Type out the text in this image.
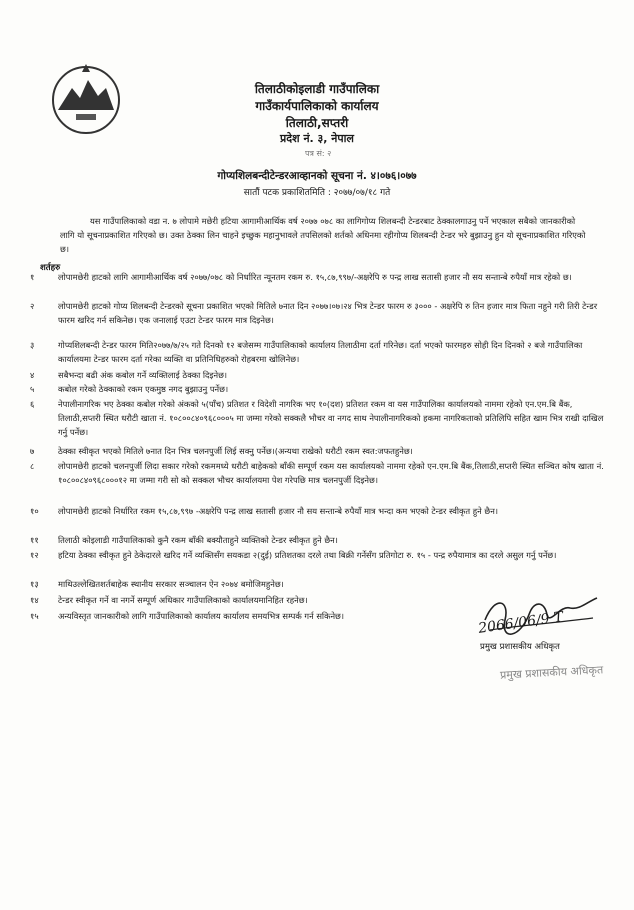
तिलाठीकोइलाडी गाउँपालिका
गाउँकार्यपालिकाको कार्यालय
तिलाठी,सप्तरी
प्रदेश नं. ३, नेपाल
पत्र सं: २
गोप्यशिलबन्दीटेन्डरआव्हानको सूचना नं. ४।०७६।०७७
सातौं पटक प्रकाशितमिति : २०७७/०७/१८ गते
यस गाउँपालिकाको वडा न. ७ लोपामे मछेरी हटिया आगामीआर्थिक वर्ष २०७७ ०७८ का लागिगोप्य शिलबन्दी टेन्डरबाट ठेक्कालगाउनु पर्ने भएकाल सबैको जानकारीको लागि यो सूचनाप्रकाशित गरिएको छ। उक्त ठेक्का लिन चाहने इच्छुक महानुभावले तपसिलको शर्तको अधिनमा रहीगोप्य शिलबन्दी टेन्डर भरे बुझाउनु हुन यो सूचनाप्रकाशित गरिएको छ।
शर्तहरु
१	लोपामछेरी हाटको लागि आगामीआर्थिक वर्ष २०७७/०७८ को निर्धारित न्यूनतम रकम रु. १५,८७,९९७/-अक्षरेपि रु पन्द्र लाख सतासी हजार नौ सय सन्तान्बे रुपैयाँ मात्र रहेको छ।
२	लोपामछेरी हाटको गोप्य शिलबन्दी टेन्डरको सूचना प्रकाशित भएको मितिले ७नात दिन २०७७।०७।२४ भित्र टेन्डर फारम रु ३००० - अक्षरेपि रु तिन हजार मात्र फिता नहुने गरी तिरी टेन्डर फारम खरिद गर्न सकिनेछ। एक जनालाई एउटा टेन्डर फारम मात्र दिइनेछ।
३	गोप्यशिलबन्दी टेन्डर फारम मिति२०७७/७/२५ गते दिनको १२ बजेसम्म गाउँपालिकाको कार्यालय तिलाठीमा दर्ता गरिनेछ। दर्ता भएको फारमहरु सोही दिन दिनको २ बजे गाउँपालिका कार्यालयमा टेन्डर फारम दर्ता गरेका व्यक्ति वा प्रतिनिधिहरुको रोहबरमा खोलिनेछ।
४	सबैभन्दा बढी अंक कबोल गर्ने व्यक्तिलाई ठेक्का दिइनेछ।
५	कबोल गरेको ठेक्काको रकम एकमुष्ठ नगद बुझाउनु पर्नेछ।
६	नेपालीनागरिक भए ठेक्का कबोल गरेको अंकको ५(पाँच) प्रतिशत र विदेशी नागरिक भए १०(दश) प्रतिशत रकम वा यस गाउँपालिका कार्यालयको नाममा रहेको एन.एम.बि बैंक, तिलाठी,सप्तरी स्थित धरौटी खाता नं. १०८००८४०९६८०००५ मा जम्मा गरेको सक्कलै भौचर वा नगद साथ नेपालीनागरिकको हकमा नागरिकताको प्रतिलिपि सहित खाम भित्र राखी दाखिल गर्नु पर्नेछ।
७	ठेक्का स्वीकृत भएको मितिले ७नात दिन भित्र चलनपुर्जी लिई सक्नु पर्नेछ।(अन्यथा राखेको धरौटी रकम स्वत:जफतहुनेछ।
८	लोपामछेरी हाटको चलनपुर्जी लिदा सकार गरेको रकममध्ये धरौटी बाहेकको बाँकी सम्पूर्ण रकम यस कार्यालयको नाममा रहेको एन.एम.बि बैंक,तिलाठी,सप्तरी स्थित सञ्चित कोष खाता नं. १०८००८४०९६८०००१२ मा जम्मा गरी सो को सक्कल भौचर कार्यालयमा पेश गरेपछि मात्र चलनपुर्जी दिइनेछ।
१०	लोपामछेरी हाटको निर्धारित रकम १५,८७,९९७ -अक्षरेपि पन्द्र लाख सतासी हजार नौ सय सन्तान्बे रुपैयाँ मात्र भन्दा कम भएको टेन्डर स्वीकृत हुने छैन।
११	तिलाठी कोइलाडी गाउँपालिकाको कुनै रकम बाँकी बक्यौताहुने व्यक्तिको टेन्डर स्वीकृत हुने छैन।
१२	हटिया ठेक्का स्वीकृत हुने ठेकेदारले खरिद गर्ने व्यक्तिसँग सयकडा २(दुई) प्रतिशतका दरले तथा बिक्री गर्नेसँग प्रतिगोटा रु. १५ - पन्द्र रुपैयामात्र का दरले असुल गर्नु पर्नेछ।
१३	माथिउल्लेखितशर्तबाहेक स्थानीय सरकार सञ्चालन ऐन २०७४ बमोजिमहुनेछ।
१४	टेन्डर स्वीकृत गर्ने वा नगर्ने सम्पूर्ण अधिकार गाउँपालिकाको कार्यालयमानिहित रहनेछ।
१५	अन्यविस्तृत जानकारीको लागि गाउँपालिकाको कार्यालय कार्यालय समयभित्र सम्पर्क गर्न सकिनेछ।	2066/06/9 T
प्रमुख प्रशासकीय अधिकृत
प्रमुख प्रशासकीय अधिकृत
